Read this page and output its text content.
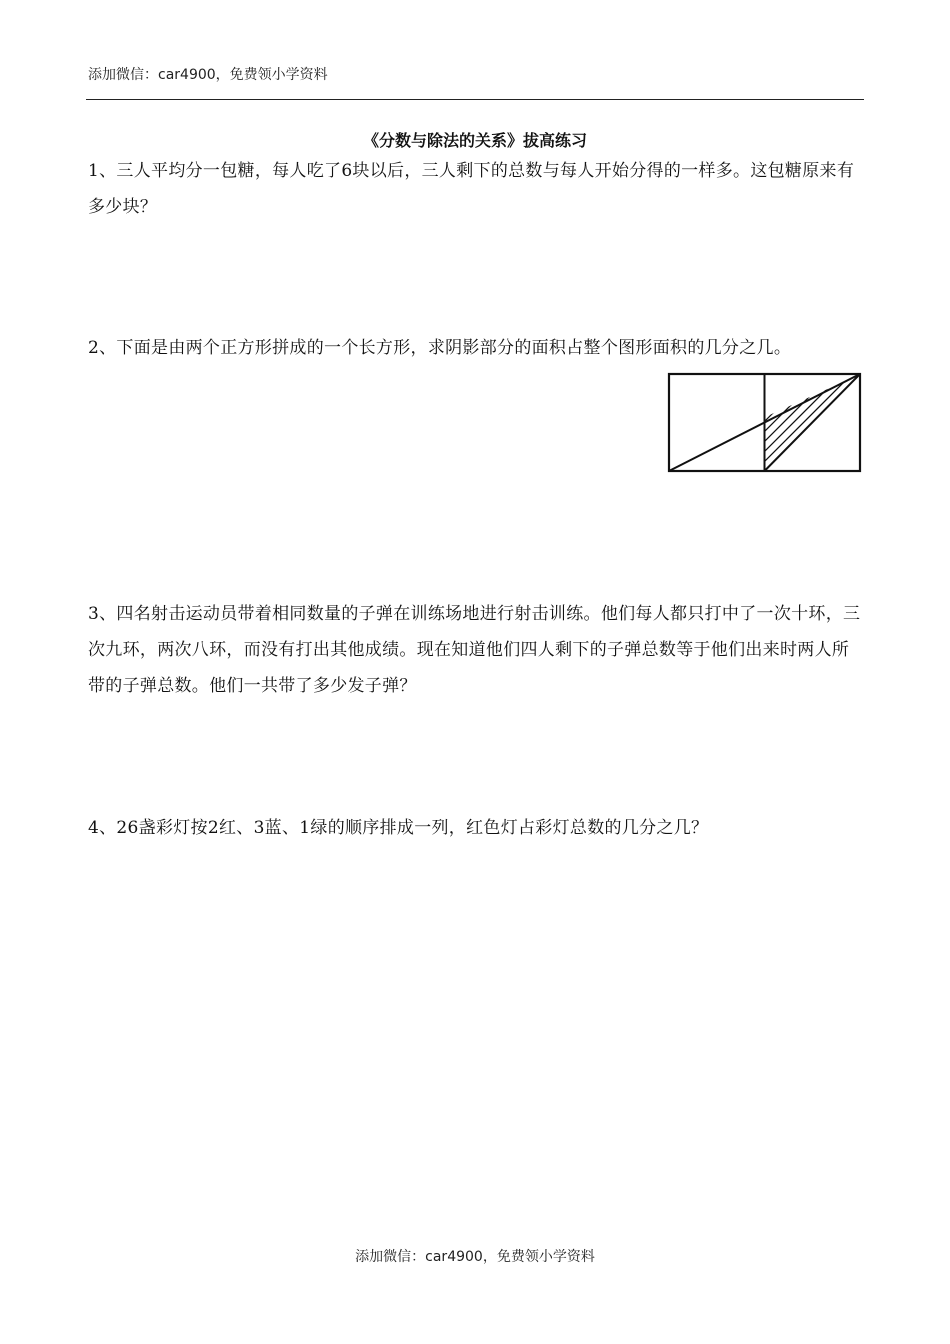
添加微信：car4900，免费领小学资料
《分数与除法的关系》拔高练习
1、三人平均分一包糖，每人吃了6块以后，三人剩下的总数与每人开始分得的一样多。这包糖原来有多少块？
2、下面是由两个正方形拼成的一个长方形，求阴影部分的面积占整个图形面积的几分之几。
3、四名射击运动员带着相同数量的子弹在训练场地进行射击训练。他们每人都只打中了一次十环，三次九环，两次八环，而没有打出其他成绩。现在知道他们四人剩下的子弹总数等于他们出来时两人所带的子弹总数。他们一共带了多少发子弹？
4、26盏彩灯按2红、3蓝、1绿的顺序排成一列，红色灯占彩灯总数的几分之几？
添加微信：car4900，免费领小学资料
